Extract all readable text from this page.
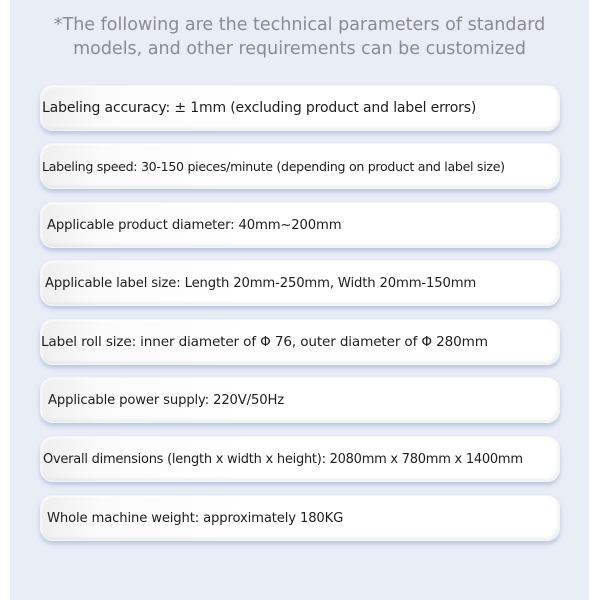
*The following are the technical parameters of standard
models, and other requirements can be customized
Labeling accuracy: ± 1mm (excluding product and label errors)
Labeling speed: 30-150 pieces/minute (depending on product and label size)
Applicable product diameter: 40mm~200mm
Applicable label size: Length 20mm-250mm, Width 20mm-150mm
Label roll size: inner diameter of Φ 76, outer diameter of Φ 280mm
Applicable power supply: 220V/50Hz
Overall dimensions (length x width x height): 2080mm x 780mm x 1400mm
Whole machine weight: approximately 180KG
